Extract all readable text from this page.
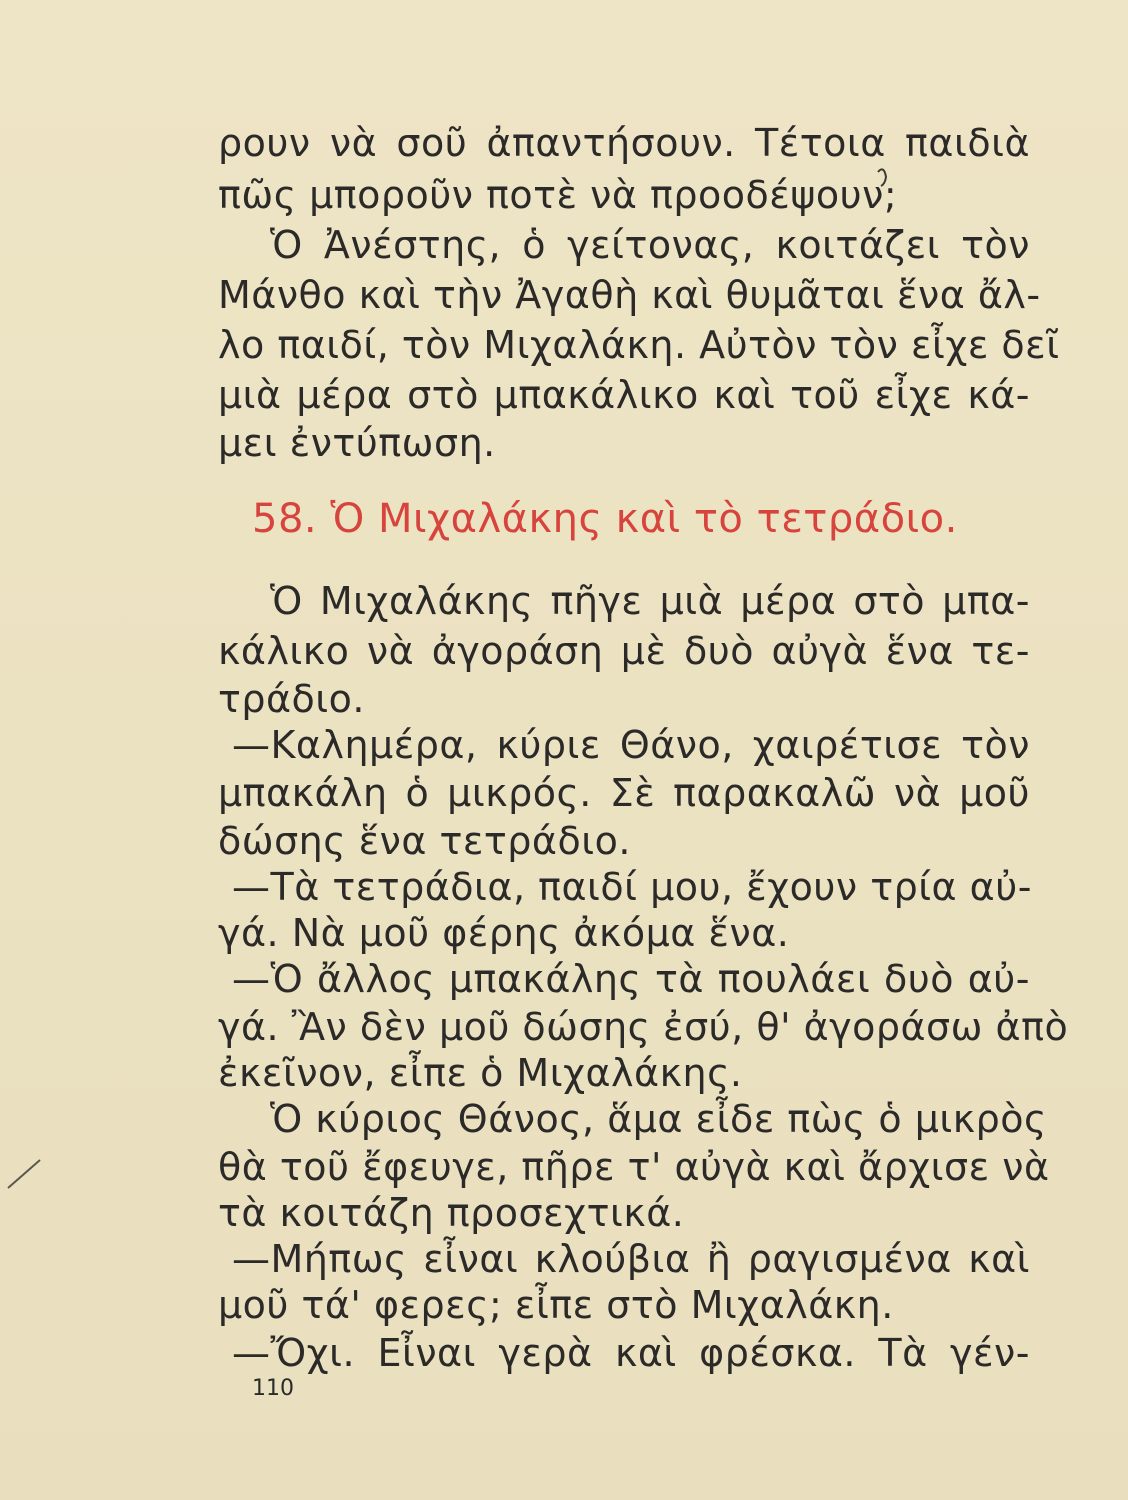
ρουν νὰ σοῦ ἀπαντήσουν. Τέτοια παιδιὰ
πῶς μποροῦν ποτὲ νὰ προοδέψουν;
Ὁ Ἀνέστης, ὁ γείτονας, κοιτάζει τὸν
Μάνθο καὶ τὴν Ἀγαθὴ καὶ θυμᾶται ἕνα ἄλ-
λο παιδί, τὸν Μιχαλάκη. Αὐτὸν τὸν εἶχε δεῖ
μιὰ μέρα στὸ μπακάλικο καὶ τοῦ εἶχε κά-
μει ἐντύπωση.
58. Ὁ Μιχαλάκης καὶ τὸ τετράδιο.
Ὁ Μιχαλάκης πῆγε μιὰ μέρα στὸ μπα-
κάλικο νὰ ἀγοράση μὲ δυὸ αὐγὰ ἕνα τε-
τράδιο.
—Καλημέρα, κύριε Θάνο, χαιρέτισε τὸν
μπακάλη ὁ μικρός. Σὲ παρακαλῶ νὰ μοῦ
δώσης ἕνα τετράδιο.
—Τὰ τετράδια, παιδί μου, ἔχουν τρία αὐ-
γά. Νὰ μοῦ φέρης ἀκόμα ἕνα.
—Ὁ ἄλλος μπακάλης τὰ πουλάει δυὸ αὐ-
γά. Ἂν δὲν μοῦ δώσης ἐσύ, θ' ἀγοράσω ἀπὸ
ἐκεῖνον, εἶπε ὁ Μιχαλάκης.
Ὁ κύριος Θάνος, ἅμα εἶδε πὼς ὁ μικρὸς
θὰ τοῦ ἔφευγε, πῆρε τ' αὐγὰ καὶ ἄρχισε νὰ
τὰ κοιτάζη προσεχτικά.
—Μήπως εἶναι κλούβια ἢ ραγισμένα καὶ
μοῦ τά' φερες; εἶπε στὸ Μιχαλάκη.
—Ὄχι. Εἶναι γερὰ καὶ φρέσκα. Τὰ γέν-
110
